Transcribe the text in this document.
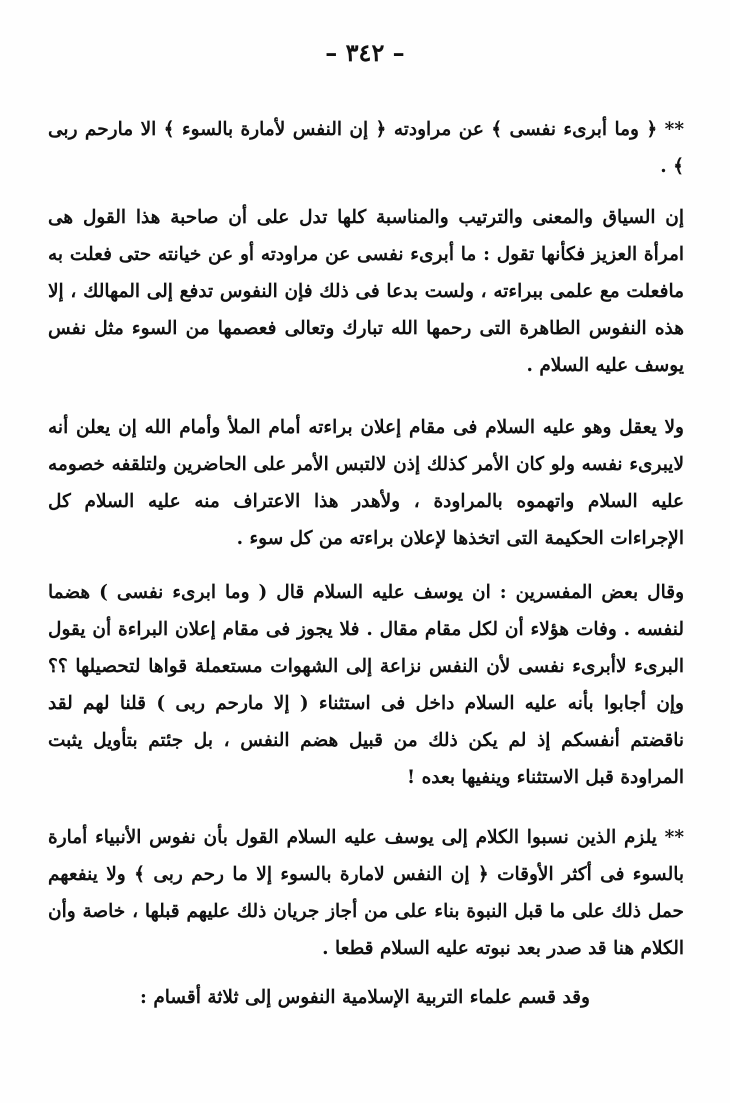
– ٣٤٢ –

** ﴿ وما أبرىء نفسى ﴾ عن مراودته ﴿ إن النفس لأمارة بالسوء ﴾ الا مارحم ربى ﴾ .

إن السياق والمعنى والترتيب والمناسبة كلها تدل على أن صاحبة هذا القول هى امرأة العزيز فكأنها تقول : ما أبرىء نفسى عن مراودته أو عن خيانته حتى فعلت به مافعلت مع علمى ببراءته ، ولست بدعا فى ذلك فإن النفوس تدفع إلى المهالك ، إلا هذه النفوس الطاهرة التى رحمها الله تبارك وتعالى فعصمها من السوء مثل نفس يوسف عليه السلام .

ولا يعقل وهو عليه السلام فى مقام إعلان براءته أمام الملأ وأمام الله إن يعلن أنه لايبرىء نفسه ولو كان الأمر كذلك إذن لالتبس الأمر على الحاضرين ولتلقفه خصومه عليه السلام واتهموه بالمراودة ، ولأهدر هذا الاعتراف منه عليه السلام كل الإجراءات الحكيمة التى اتخذها لإعلان براءته من كل سوء .

وقال بعض المفسرين : ان يوسف عليه السلام قال ( وما ابرىء نفسى ) هضما لنفسه . وفات هؤلاء أن لكل مقام مقال . فلا يجوز فى مقام إعلان البراءة أن يقول البرىء لاأبرىء نفسى لأن النفس نزاعة إلى الشهوات مستعملة قواها لتحصيلها ؟؟ وإن أجابوا بأنه عليه السلام داخل فى استثناء ( إلا مارحم ربى ) قلنا لهم لقد ناقضتم أنفسكم إذ لم يكن ذلك من قبيل هضم النفس ، بل جئتم بتأويل يثبت المراودة قبل الاستثناء وينفيها بعده !

** يلزم الذين نسبوا الكلام إلى يوسف عليه السلام القول بأن نفوس الأنبياء أمارة بالسوء فى أكثر الأوقات ﴿ إن النفس لامارة بالسوء إلا ما رحم ربى ﴾ ولا ينفعهم حمل ذلك على ما قبل النبوة بناء على من أجاز جريان ذلك عليهم قبلها ، خاصة وأن الكلام هنا قد صدر بعد نبوته عليه السلام قطعا .

وقد قسم علماء التربية الإسلامية النفوس إلى ثلاثة أقسام :
